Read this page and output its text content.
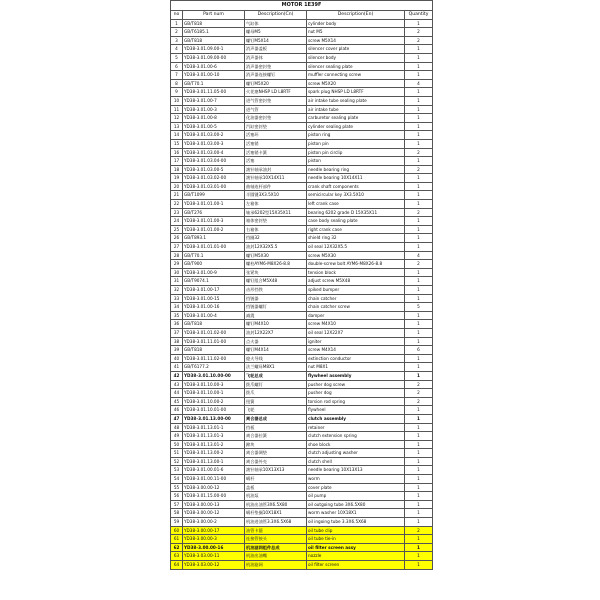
MOTOR 1E39F				
no	Part num	Description(Cn)	Description(En)	Quantity
1	GB/T818	气缸体	cylinder body	1
2	GB/T6185.1	螺母M5	nut M5	2
3	GB/T818	螺钉M5X14	screw M5X14	2
4	YD38-3.01.09.00-1	消声器盖板	silencer cover plate	1
5	YD38-3.01.09.00-00	消声器体	silencer body	1
6	YD38-3.01.00-6	消声器密封垫	silencer sealing plate	1
7	YD38-3.01.00-10	消声器连接螺钉	muffler connecting screw	1
8	GB/T70.1	螺钉M5X20	screw M5X20	4
9	YD38-3.01.11.05-00	火花塞NHSP LD L8RTF	spark plug NHSP LD L8RTF	1
10	YD38-3.01.00-7	进气管密封垫	air intake tube sealing plate	1
11	YD38-3.01.00-3	进气管	air intake tube	1
12	YD38-3.01.00-8	化油器密封垫	carburetor sealing plate	1
13	YD38-3.01.00-5	汽缸密封垫	cylinder sealing plate	1
14	YD38-3.01.03.00-2	活塞环	piston ring	1
15	YD38-3.01.03.00-3	活塞销	piston pin	1
16	YD38-3.01.03.00-4	活塞销卡簧	piston pin circlip	2
17	YD38-3.01.03.04-00	活塞	piston	1
18	YD38-3.01.03.00-5	滚针轴承油封	needle bearing ring	2
19	YD38-3.01.03.02-00	滚针轴承10X14X11	needle bearing 10X14X11	1
20	YD38-3.01.03.01-00	曲轴连杆部件	crank shaft components	1
21	GB/T1099	半圆键3X3.5X10	semicircular key 3X3.5X10	1
22	YD38-3.01.01.00-1	左箱体	left crank case	1
23	GB/T276	轴承6202型15X35X11	bearing 6202 grade D 15X35X11	2
24	YD38-3.01.01.00-3	箱体密封垫	case body sealing plate	1
25	YD38-3.01.01.00-2	右箱体	right crank case	1
26	GB/T893.1	挡圈32	shield ring 32	1
27	YD38-3.01.01.01-00	油封12X32X5.5	oil seal 12X32X5.5	1
28	GB/T70.1	螺钉M5X30	screw M5X30	4
29	GB/T900	螺柱AYM6-M8X26-8.8	double-screw bolt AYM6-M8X26-8.8	2
30	YD38-3.01.00-9	张紧块	tension block	1
31	GB/T9074.1	螺钉组合M5X48	adjust screw M5X48	1
32	YD38-3.01.00-17	齿形挡铁	spiked bumper	1
33	YD38-3.01.00-15	挡链器	chain catcher	1
34	YD38-3.01.00-16	挡链器螺钉	chain catcher screw	5
35	YD38-3.01.00-4	减震	damper	1
36	GB/T818	螺钉M4X10	screw M4X10	1
37	YD38-3.01.01.02-00	油封12X22X7	oil seal 12X22X7	1
38	YD38-3.01.11.01-00	点火器	igniter	1
39	GB/T818	螺钉M4X14	screw M4X14	6
40	YD38-3.01.11.02-00	熄火导线	extinction conductor	1
41	GB/T6177.2	法兰螺母M8X1	nut M8X1	1
42	YD38-3.01.10.00-00	飞轮总成	flywheel assembly	1
43	YD38-3.01.10.00-3	拨爪螺钉	pusher dog screw	2
44	YD38-3.01.10.00-1	拨爪	pusher dog	2
45	YD38-3.01.10.00-2	扭簧	torsion rod spring	2
46	YD38-3.01.10.01-00	飞轮	flywheel	1
47	YD38-3.01.13.00-00	离合器总成	clutch assembly	1
48	YD38-3.01.13.01-1	挡板	retainer	1
49	YD38-3.01.13.01-3	离合器拉簧	clutch extension spring	1
50	YD38-3.01.13.01-2	蹄块	shoe block	1
51	YD38-3.01.13.00-2	离合器调垫	clutch adjusting washer	1
52	YD38-3.01.13.00-1	离合器外壳	clutch shell	1
53	YD38-3.01.00.01-6	滚针轴承10X13X13	needle bearing 10X13X13	1
54	YD38-3.01.00.11-00	蜗杆	worm	1
55	YD38-3.00.00-12	盖板	cover plate	1
56	YD38-3.01.15.00-00	机油泵	oil pump	1
57	YD38-3.00.00-13	机油出油管3X6.5X80	oil outgoing tube 3X6.5X80	1
58	YD38-3.00.00-12	蜗杆垫圈10X18X1	worm washer 10X18X1	1
59	YD38-3.00.00-2	机油进油管3.3X6.5X68	oil ingoing tube 3.3X6.5X68	1
60	YD38-3.00.00-17	油管卡箍	oil tube clip	2
61	YD38-3.00.00-3	连接管接头	oil tube tie-in	1
62	YD38-3.00.00-16	机油滤网组件总成	oil filter screen assy	1
63	YD38-3.03.00-11	机油出油嘴	nozzle	1
64	YD38-3.03.00-12	机油滤网	oil filter screen	1
